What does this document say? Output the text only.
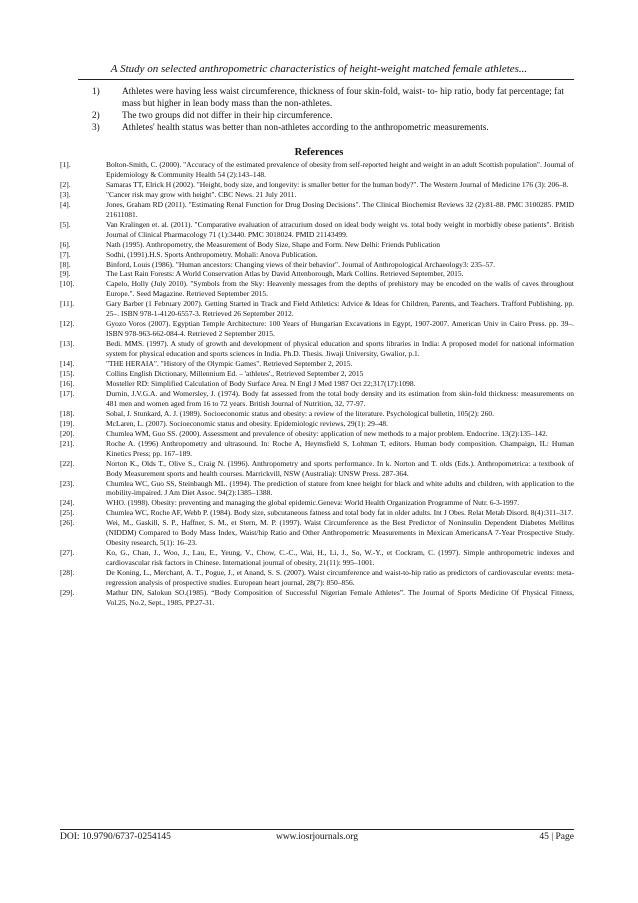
A Study on selected anthropometric characteristics of height-weight matched female athletes...
1) Athletes were having less waist circumference, thickness of four skin-fold, waist- to- hip ratio, body fat percentage; fat mass but higher in lean body mass than the non-athletes.
2) The two groups did not differ in their hip circumference.
3) Athletes' health status was better than non-athletes according to the anthropometric measurements.
References
[1].	Bolton-Smith, C. (2000). "Accuracy of the estimated prevalence of obesity from self-reported height and weight in an adult Scottish population". Journal of Epidemiology & Community Health 54 (2):143–148.
[2].	Samaras TT, Elrick H (2002). "Height, body size, and longevity: is smaller better for the human body?". The Western Journal of Medicine 176 (3): 206–8.
[3].	"Cancer risk may grow with height". CBC News. 21 July 2011.
[4].	Jones, Graham RD (2011). "Estimating Renal Function for Drug Dosing Decisions". The Clinical Biochemist Reviews 32 (2):81-88. PMC 3100285. PMID 21611081.
[5].	Van Kralingen et. al. (2011). "Comparative evaluation of atracurium dosed on ideal body weight vs. total body weight in morbidly obese patients". British Journal of Clinical Pharmacology 71 (1):3440. PMC 3018024. PMID 21143499.
[6].	Nath (1995). Anthropometry, the Measurement of Body Size, Shape and Form. New Delhi: Friends Publication
[7].	Sodhi, (1991).H.S. Sports Anthropometry. Mohali: Anova Publication.
[8].	Binford, Louis (1986). "Human ancestors: Changing views of their behavior". Journal of Anthropological Archaeology3: 235–57.
[9].	The Last Rain Forests: A World Conservation Atlas by David Attenborough, Mark Collins. Retrieved September, 2015.
[10].	Capelo, Holly (July 2010). "Symbols from the Sky: Heavenly messages from the depths of prehistory may be encoded on the walls of caves throughout Europe.". Seed Magazine. Retrieved September 2015.
[11].	Gary Barber (1 February 2007). Getting Started in Track and Field Athletics: Advice & Ideas for Children, Parents, and Teachers. Trafford Publishing. pp. 25–. ISBN 978-1-4120-6557-3. Retrieved 26 September 2012.
[12].	Gyozo Voros (2007). Egyptian Temple Architecture: 100 Years of Hungarian Excavations in Egypt, 1907-2007. American Univ in Cairo Press. pp. 39–. ISBN 978-963-662-084-4. Retrieved 2 September 2015.
[13].	Bedi. MMS. (1997). A study of growth and development of physical education and sports libraries in India: A proposed model for national information system for physical education and sports sciences in India. Ph.D. Thesis. Jiwaji University, Gwalior, p.1.
[14].	"THE HERAIA". "History of the Olympic Games". Retrieved September 2, 2015.
[15].	Collins English Dictionary, Millennium Ed. – 'athletes'., Retrieved September 2, 2015
[16].	Mosteller RD: Simplified Calculation of Body Surface Area. N Engl J Med 1987 Oct 22;317(17):1098.
[17].	Durnin, J.V.G.A. and Womersley, J. (1974). Body fat assessed from the total body density and its estimation from skin-fold thickness: measurements on 481 men and women aged from 16 to 72 years. British Journal of Nutrition, 32, 77-97.
[18].	Sobal, J. Stunkard, A. J. (1989). Socioeconomic status and obesity: a review of the literature. Psychological bulletin, 105(2): 260.
[19].	McLaren, L. (2007). Socioeconomic status and obesity. Epidemiologic reviews, 29(1): 29–48.
[20].	Chumlea WM, Guo SS. (2000). Assessment and prevalence of obesity: application of new methods to a major problem. Endocrine. 13(2):135–142.
[21].	Roche A. (1996) Anthropometry and ultrasound. In: Roche A, Heymsfield S, Lohman T, editors. Human body composition. Champaign, IL: Human Kinetics Press; pp. 167–189.
[22].	Norton K., Olds T., Olive S., Craig N. (1996). Anthropometry and sports performance. In k. Norton and T. olds (Eds.). Anthropometrica: a textbook of Body Measurement sports and health courses. Marrickvill, NSW (Australia): UNSW Press. 287-364.
[23].	Chumlea WC, Guo SS, Steinbaugh ML. (1994). The prediction of stature from knee height for black and white adults and children, with application to the mobility-impaired. J Am Diet Assoc. 94(2):1385–1388.
[24].	WHO. (1998). Obesity: preventing and managing the global epidemic.Geneva: World Health Organization Programme of Nutr. 6-3-1997.
[25].	Chumlea WC, Roche AF, Webb P. (1984). Body size, subcutaneous fatness and total body fat in older adults. Int J Obes. Relat Metab Disord. 8(4):311–317.
[26].	Wei, M., Gaskill, S. P., Haffner, S. M., et Stern, M. P. (1997). Waist Circumference as the Best Predictor of Noninsulin Dependent Diabetes Mellitus (NIDDM) Compared to Body Mass Index, Waist/hip Ratio and Other Anthropometric Measurements in Mexican AmericansA 7-Year Prospective Study. Obesity research, 5(1): 16–23.
[27].	Ko, G., Chan, J., Woo, J., Lau, E., Yeung, V., Chow, C.-C., Wai, H., Li, J., So, W.-Y., et Cockram, C. (1997). Simple anthropometric indexes and cardiovascular risk factors in Chinese. International journal of obesity, 21(11): 995–1001.
[28].	De Koning, L., Merchant, A. T., Pogue, J., et Anand, S. S. (2007). Waist circumference and waist-to-hip ratio as predictors of cardiovascular events: meta-regression analysis of prospective studies. European heart journal, 28(7): 850–856.
[29].	Mathur DN, Salokun SO.(1985). “Body Composition of Successful Nigerian Female Athletes”. The Journal of Sports Medicine Of Physical Fitness, Vol.25, No.2, Sept., 1985, PP.27-31.
DOI: 10.9790/6737-0254145	www.iosrjournals.org	45 | Page
